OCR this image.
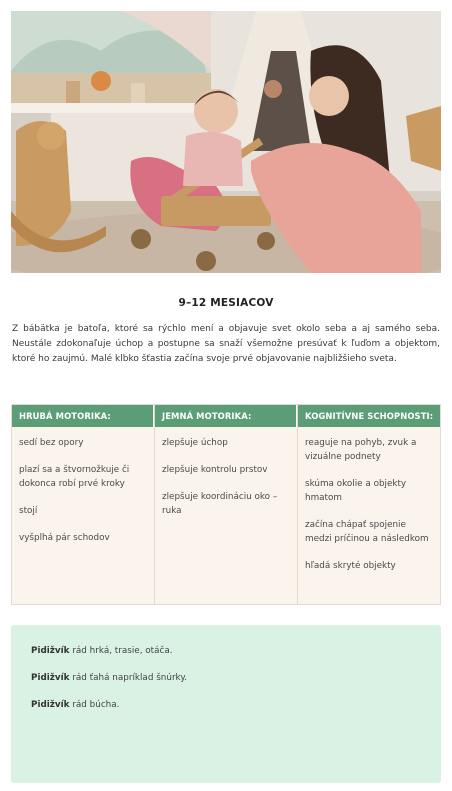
9–12 MESIACOV

Z bábätka je batoľa, ktoré sa rýchlo mení a objavuje svet okolo seba a aj samého seba. Neustále zdokonaľuje úchop a postupne sa snaží všemožne presúvať k ľuďom a objektom, ktoré ho zaujmú. Malé klbko šťastia začína svoje prvé objavovanie najbližšieho sveta.

HRUBÁ MOTORIKA:
sedí bez opory
plazí sa a štvornožkuje či dokonca robí prvé kroky
stojí
vyšplhá pár schodov
JEMNÁ MOTORIKA:
zlepšuje úchop
zlepšuje kontrolu prstov
zlepšuje koordináciu oko – ruka
KOGNITÍVNE SCHOPNOSTI:
reaguje na pohyb, zvuk a vizuálne podnety
skúma okolie a objekty hmatom
začína chápať spojenie medzi príčinou a následkom
hľadá skryté objekty

Pidižvík rád hrká, trasie, otáča.

Pidižvík rád ťahá napríklad šnúrky.

Pidižvík rád búcha.
